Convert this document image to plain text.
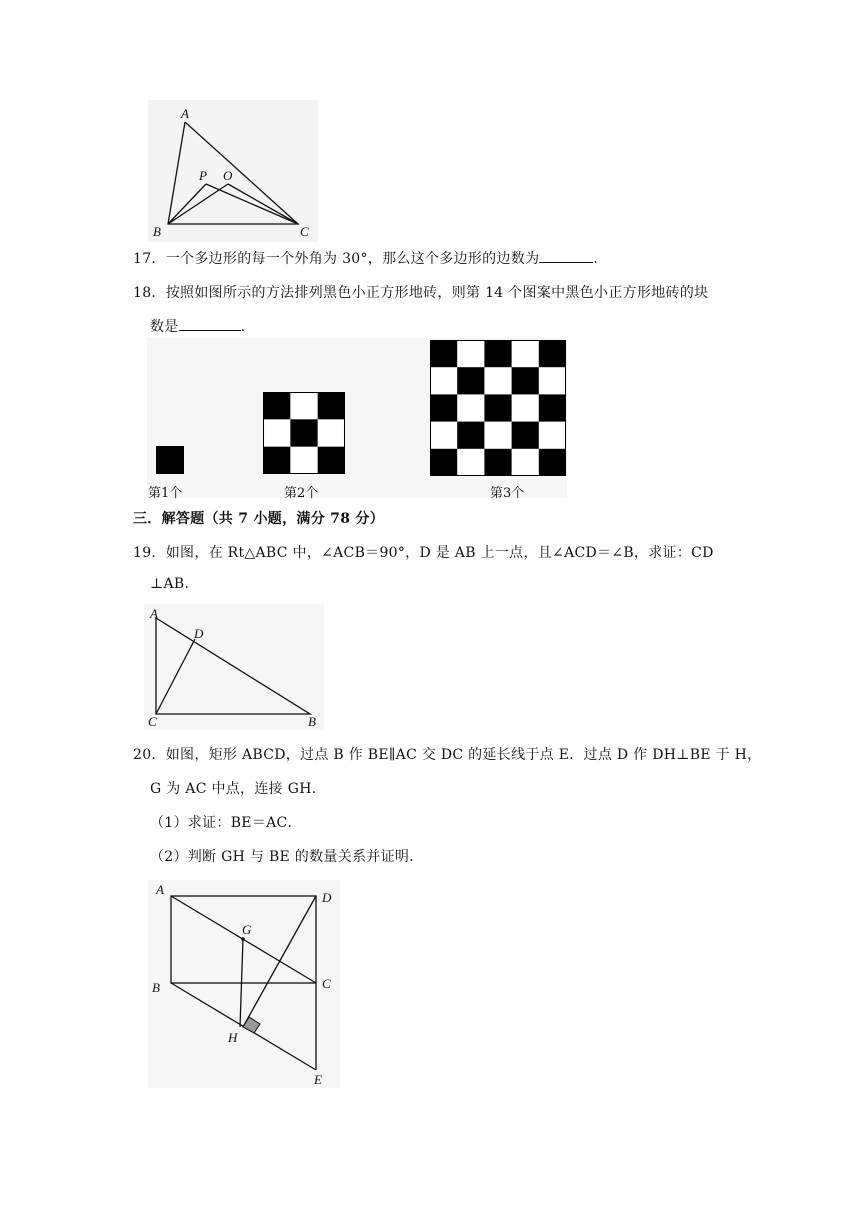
A
B	C
P O
17．一个多边形的每一个外角为 30°，那么这个多边形的边数为	.
18．按照如图所示的方法排列黑色小正方形地砖，则第 14 个图案中黑色小正方形地砖的块
数是	.
第1个	第2个	第3个
三．解答题（共 7 小题，满分 78 分）
19．如图，在 Rt△ABC 中，∠ACB＝90°，D 是 AB 上一点，且∠ACD＝∠B，求证：CD
⊥AB.
A
D
C	B
20．如图，矩形 ABCD，过点 B 作 BE∥AC 交 DC 的延长线于点 E．过点 D 作 DH⊥BE 于 H，
G 为 AC 中点，连接 GH．
（1）求证：BE＝AC．
（2）判断 GH 与 BE 的数量关系并证明．
A
D
G
B	C
H
E
